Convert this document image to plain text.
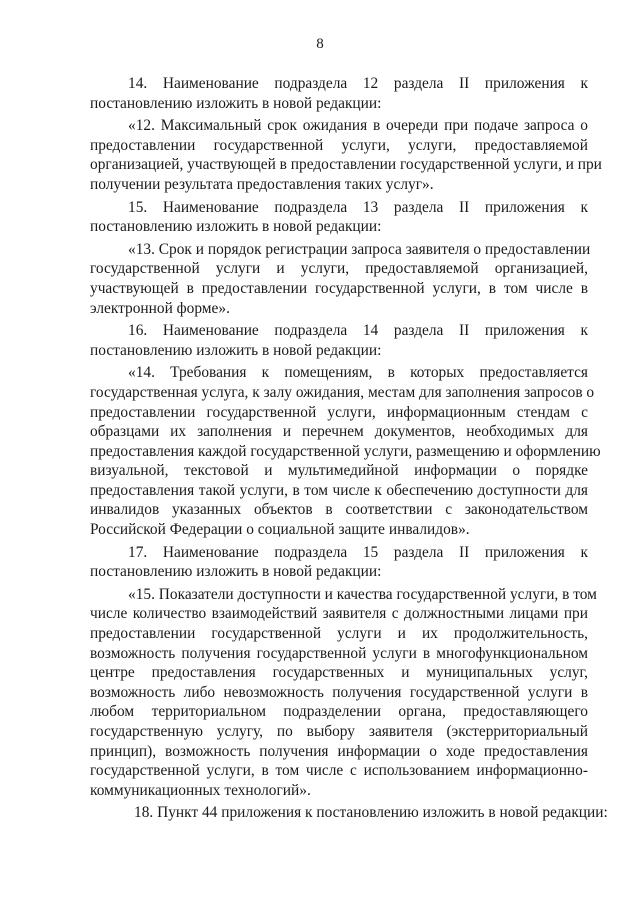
8
14. Наименование подраздела 12 раздела II приложения к
постановлению изложить в новой редакции:
«12. Максимальный срок ожидания в очереди при подаче запроса о
предоставлении государственной услуги, услуги, предоставляемой
организацией, участвующей в предоставлении государственной услуги, и при
получении результата предоставления таких услуг».
15. Наименование подраздела 13 раздела II приложения к
постановлению изложить в новой редакции:
«13. Срок и порядок регистрации запроса заявителя о предоставлении
государственной услуги и услуги, предоставляемой организацией,
участвующей в предоставлении государственной услуги, в том числе в
электронной форме».
16. Наименование подраздела 14 раздела II приложения к
постановлению изложить в новой редакции:
«14. Требования к помещениям, в которых предоставляется
государственная услуга, к залу ожидания, местам для заполнения запросов о
предоставлении государственной услуги, информационным стендам с
образцами их заполнения и перечнем документов, необходимых для
предоставления каждой государственной услуги, размещению и оформлению
визуальной, текстовой и мультимедийной информации о порядке
предоставления такой услуги, в том числе к обеспечению доступности для
инвалидов указанных объектов в соответствии с законодательством
Российской Федерации о социальной защите инвалидов».
17. Наименование подраздела 15 раздела II приложения к
постановлению изложить в новой редакции:
«15. Показатели доступности и качества государственной услуги, в том
числе количество взаимодействий заявителя с должностными лицами при
предоставлении государственной услуги и их продолжительность,
возможность получения государственной услуги в многофункциональном
центре предоставления государственных и муниципальных услуг,
возможность либо невозможность получения государственной услуги в
любом территориальном подразделении органа, предоставляющего
государственную услугу, по выбору заявителя (экстерриториальный
принцип), возможность получения информации о ходе предоставления
государственной услуги, в том числе с использованием информационно-
коммуникационных технологий».
18. Пункт 44 приложения к постановлению изложить в новой редакции:
